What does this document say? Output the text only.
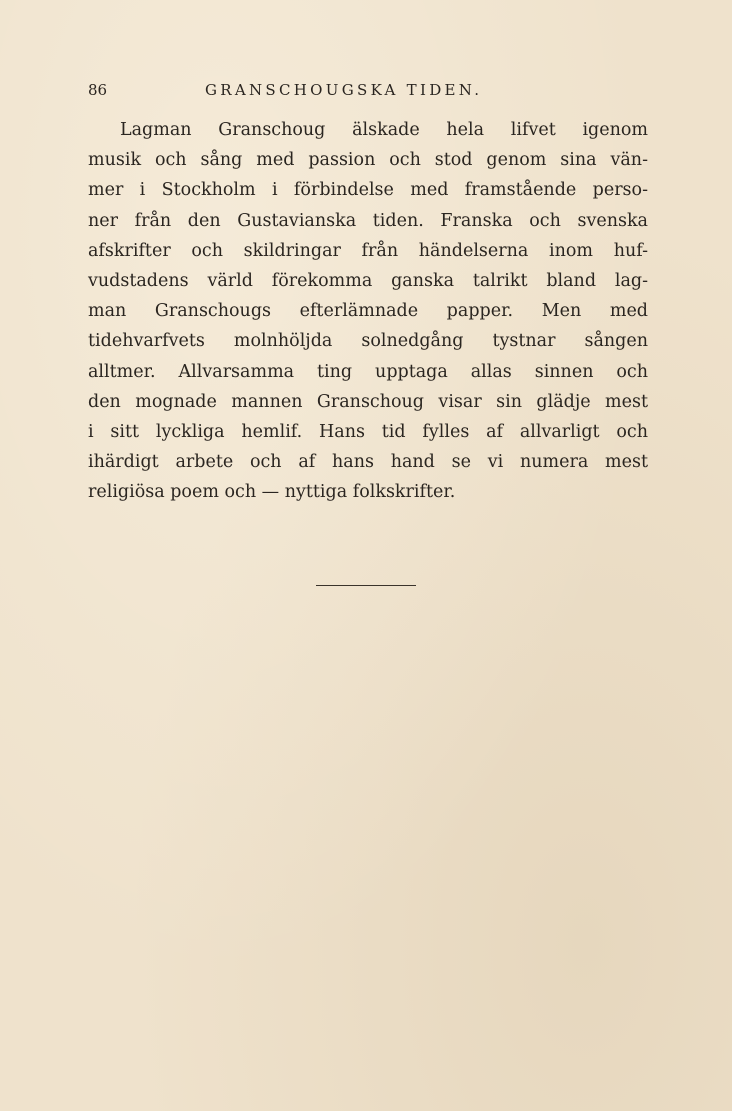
86	GRANSCHOUGSKA TIDEN.
Lagman Granschoug älskade hela lifvet igenom
musik och sång med passion och stod genom sina vän-
mer i Stockholm i förbindelse med framstående perso-
ner från den Gustavianska tiden. Franska och svenska
afskrifter och skildringar från händelserna inom huf-
vudstadens värld förekomma ganska talrikt bland lag-
man Granschougs efterlämnade papper. Men med
tidehvarfvets molnhöljda solnedgång tystnar sången
alltmer. Allvarsamma ting upptaga allas sinnen och
den mognade mannen Granschoug visar sin glädje mest
i sitt lyckliga hemlif. Hans tid fylles af allvarligt och
ihärdigt arbete och af hans hand se vi numera mest
religiösa poem och — nyttiga folkskrifter.
